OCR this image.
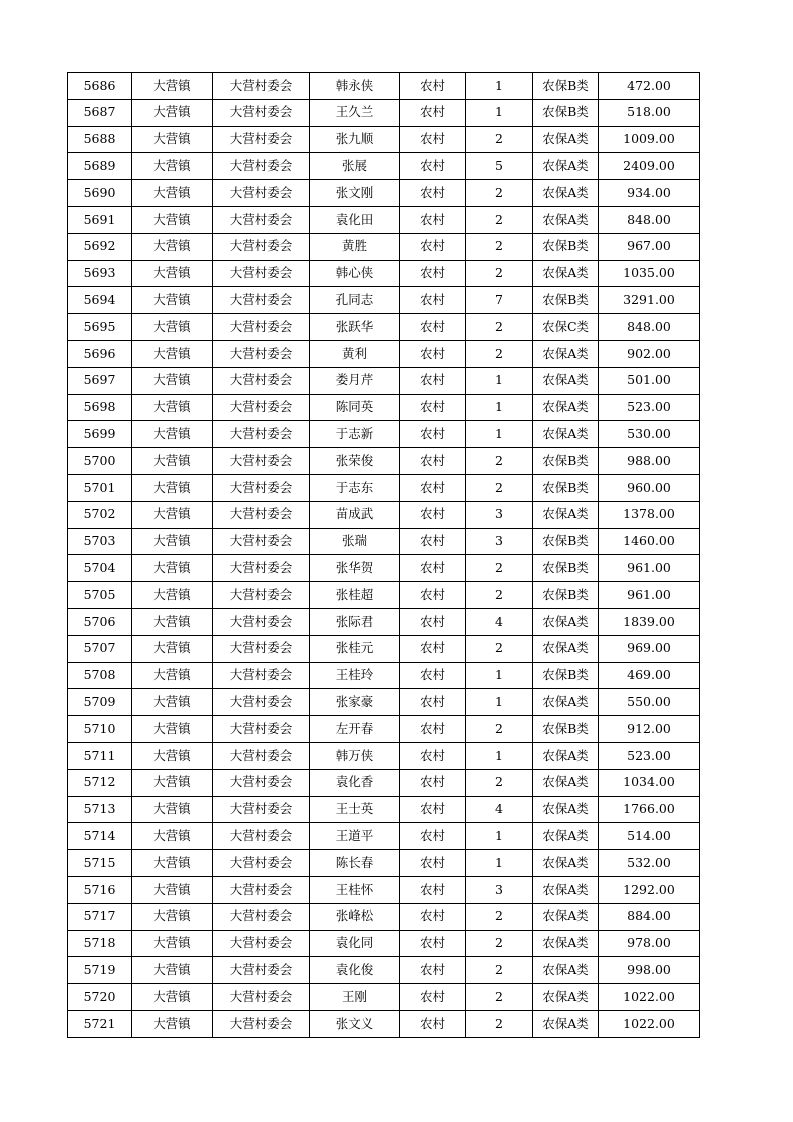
5686	大营镇	大营村委会	韩永侠	农村	1	农保B类	472.00
5687	大营镇	大营村委会	王久兰	农村	1	农保B类	518.00
5688	大营镇	大营村委会	张九顺	农村	2	农保A类	1009.00
5689	大营镇	大营村委会	张展	农村	5	农保A类	2409.00
5690	大营镇	大营村委会	张文刚	农村	2	农保A类	934.00
5691	大营镇	大营村委会	袁化田	农村	2	农保A类	848.00
5692	大营镇	大营村委会	黄胜	农村	2	农保B类	967.00
5693	大营镇	大营村委会	韩心侠	农村	2	农保A类	1035.00
5694	大营镇	大营村委会	孔同志	农村	7	农保B类	3291.00
5695	大营镇	大营村委会	张跃华	农村	2	农保C类	848.00
5696	大营镇	大营村委会	黄利	农村	2	农保A类	902.00
5697	大营镇	大营村委会	娄月芹	农村	1	农保A类	501.00
5698	大营镇	大营村委会	陈同英	农村	1	农保A类	523.00
5699	大营镇	大营村委会	于志新	农村	1	农保A类	530.00
5700	大营镇	大营村委会	张荣俊	农村	2	农保B类	988.00
5701	大营镇	大营村委会	于志东	农村	2	农保B类	960.00
5702	大营镇	大营村委会	苗成武	农村	3	农保A类	1378.00
5703	大营镇	大营村委会	张瑞	农村	3	农保B类	1460.00
5704	大营镇	大营村委会	张华贺	农村	2	农保B类	961.00
5705	大营镇	大营村委会	张桂超	农村	2	农保B类	961.00
5706	大营镇	大营村委会	张际君	农村	4	农保A类	1839.00
5707	大营镇	大营村委会	张桂元	农村	2	农保A类	969.00
5708	大营镇	大营村委会	王桂玲	农村	1	农保B类	469.00
5709	大营镇	大营村委会	张家豪	农村	1	农保A类	550.00
5710	大营镇	大营村委会	左开春	农村	2	农保B类	912.00
5711	大营镇	大营村委会	韩万侠	农村	1	农保A类	523.00
5712	大营镇	大营村委会	袁化香	农村	2	农保A类	1034.00
5713	大营镇	大营村委会	王士英	农村	4	农保A类	1766.00
5714	大营镇	大营村委会	王道平	农村	1	农保A类	514.00
5715	大营镇	大营村委会	陈长春	农村	1	农保A类	532.00
5716	大营镇	大营村委会	王桂怀	农村	3	农保A类	1292.00
5717	大营镇	大营村委会	张峰松	农村	2	农保A类	884.00
5718	大营镇	大营村委会	袁化同	农村	2	农保A类	978.00
5719	大营镇	大营村委会	袁化俊	农村	2	农保A类	998.00
5720	大营镇	大营村委会	王刚	农村	2	农保A类	1022.00
5721	大营镇	大营村委会	张文义	农村	2	农保A类	1022.00
